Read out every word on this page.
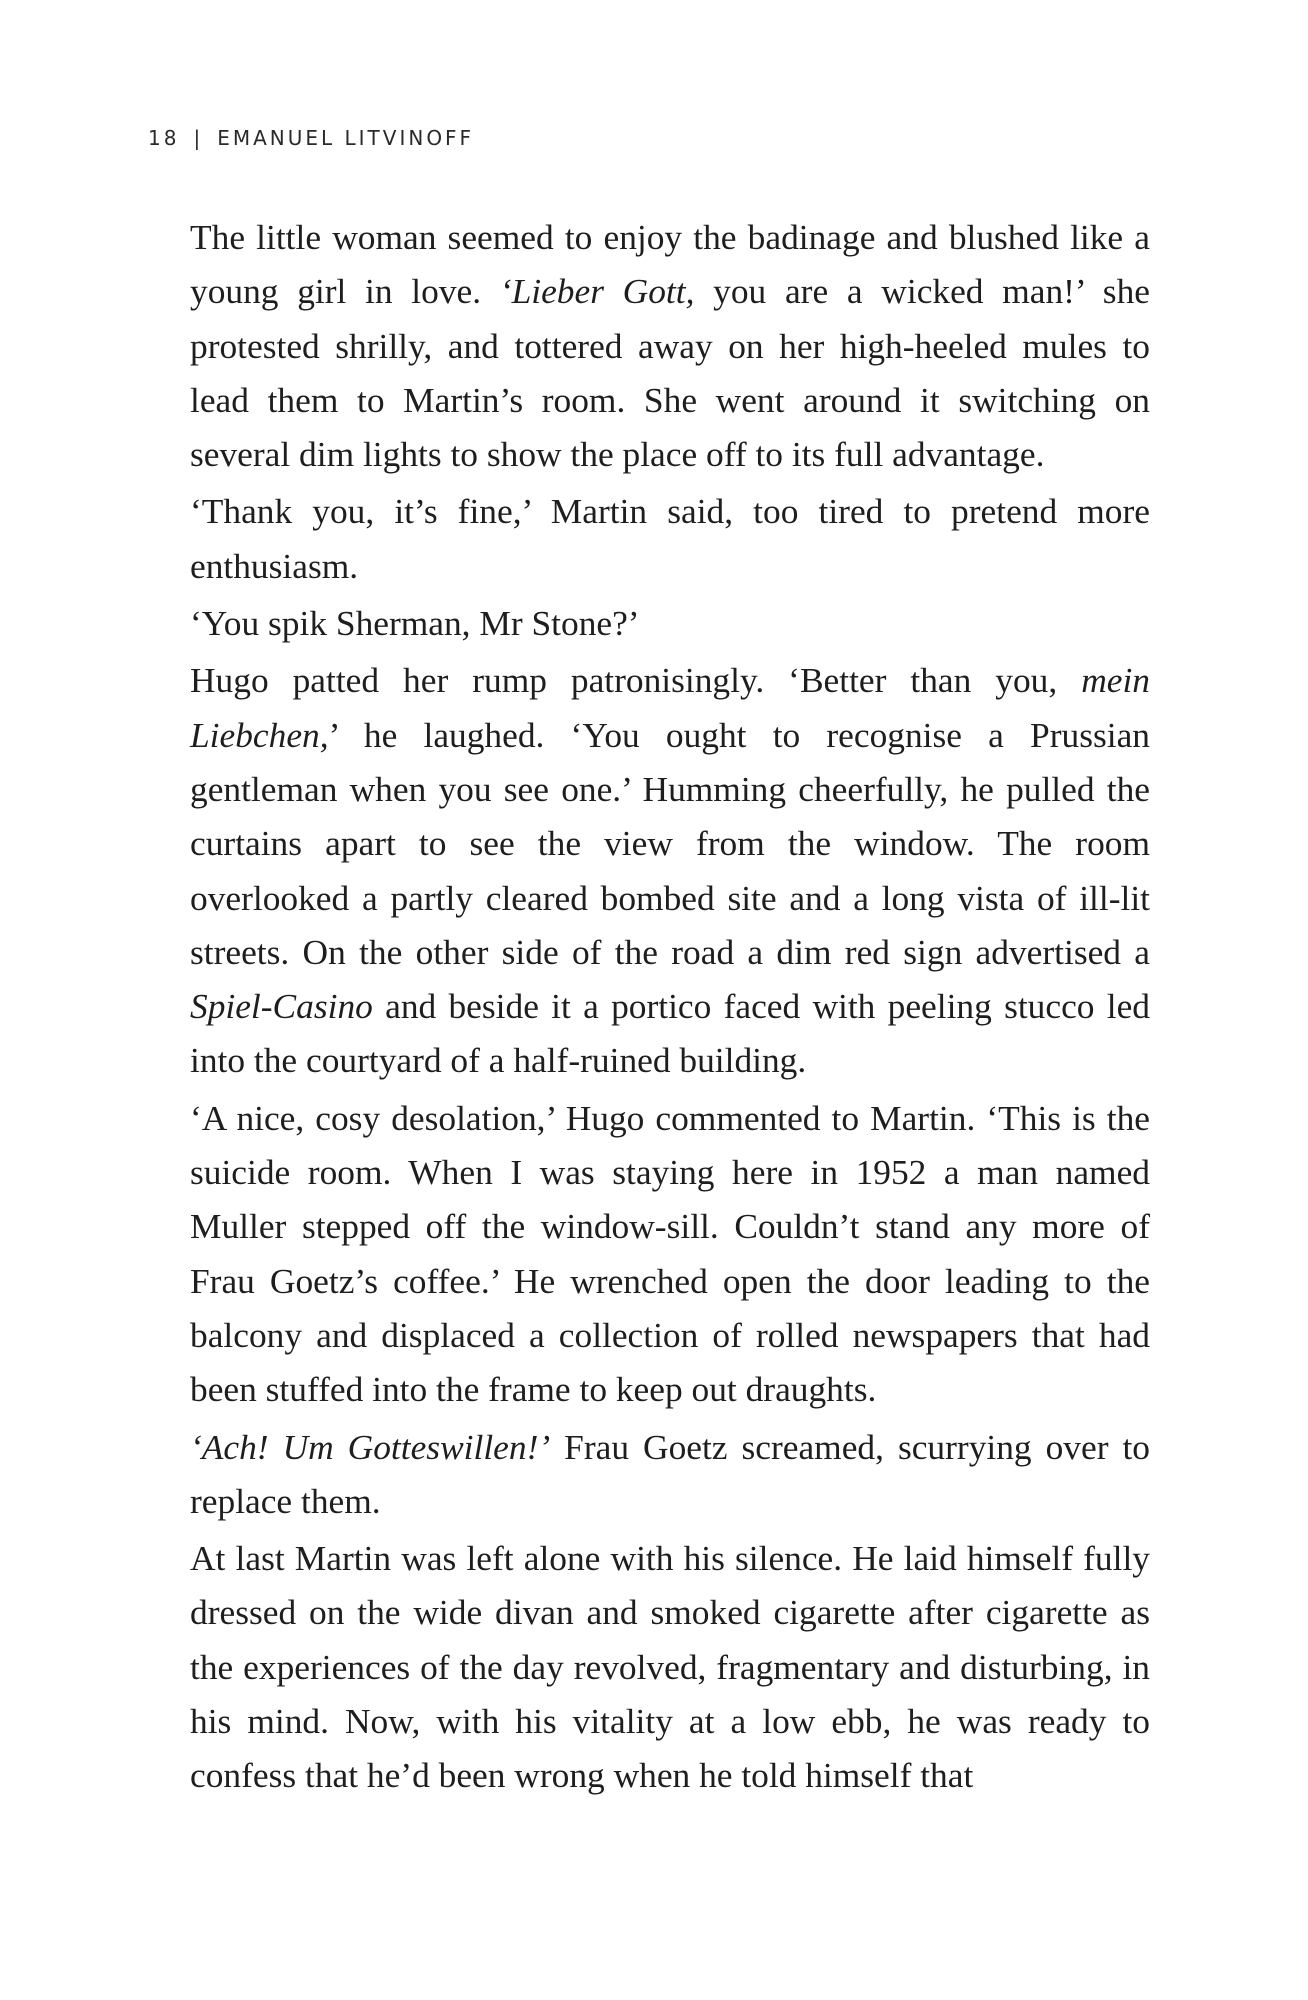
18 | EMANUEL LITVINOFF

The little woman seemed to enjoy the badinage and blushed like a young girl in love. ‘Lieber Gott, you are a wicked man!’ she protested shrilly, and tottered away on her high-heeled mules to lead them to Martin’s room. She went around it switching on several dim lights to show the place off to its full advantage.

‘Thank you, it’s fine,’ Martin said, too tired to pretend more enthusiasm.

‘You spik Sherman, Mr Stone?’

Hugo patted her rump patronisingly. ‘Better than you, mein Liebchen,’ he laughed. ‘You ought to recognise a Prussian gentleman when you see one.’ Humming cheerfully, he pulled the curtains apart to see the view from the window. The room overlooked a partly cleared bombed site and a long vista of ill-lit streets. On the other side of the road a dim red sign advertised a Spiel-Casino and beside it a portico faced with peeling stucco led into the courtyard of a half-ruined building.

‘A nice, cosy desolation,’ Hugo commented to Martin. ‘This is the suicide room. When I was staying here in 1952 a man named Muller stepped off the window-sill. Couldn’t stand any more of Frau Goetz’s coffee.’ He wrenched open the door leading to the balcony and displaced a collection of rolled newspapers that had been stuffed into the frame to keep out draughts.

‘Ach! Um Gotteswillen!’ Frau Goetz screamed, scurrying over to replace them.

At last Martin was left alone with his silence. He laid himself fully dressed on the wide divan and smoked cigarette after cigarette as the experiences of the day revolved, fragmentary and disturbing, in his mind. Now, with his vitality at a low ebb, he was ready to confess that he’d been wrong when he told himself that
